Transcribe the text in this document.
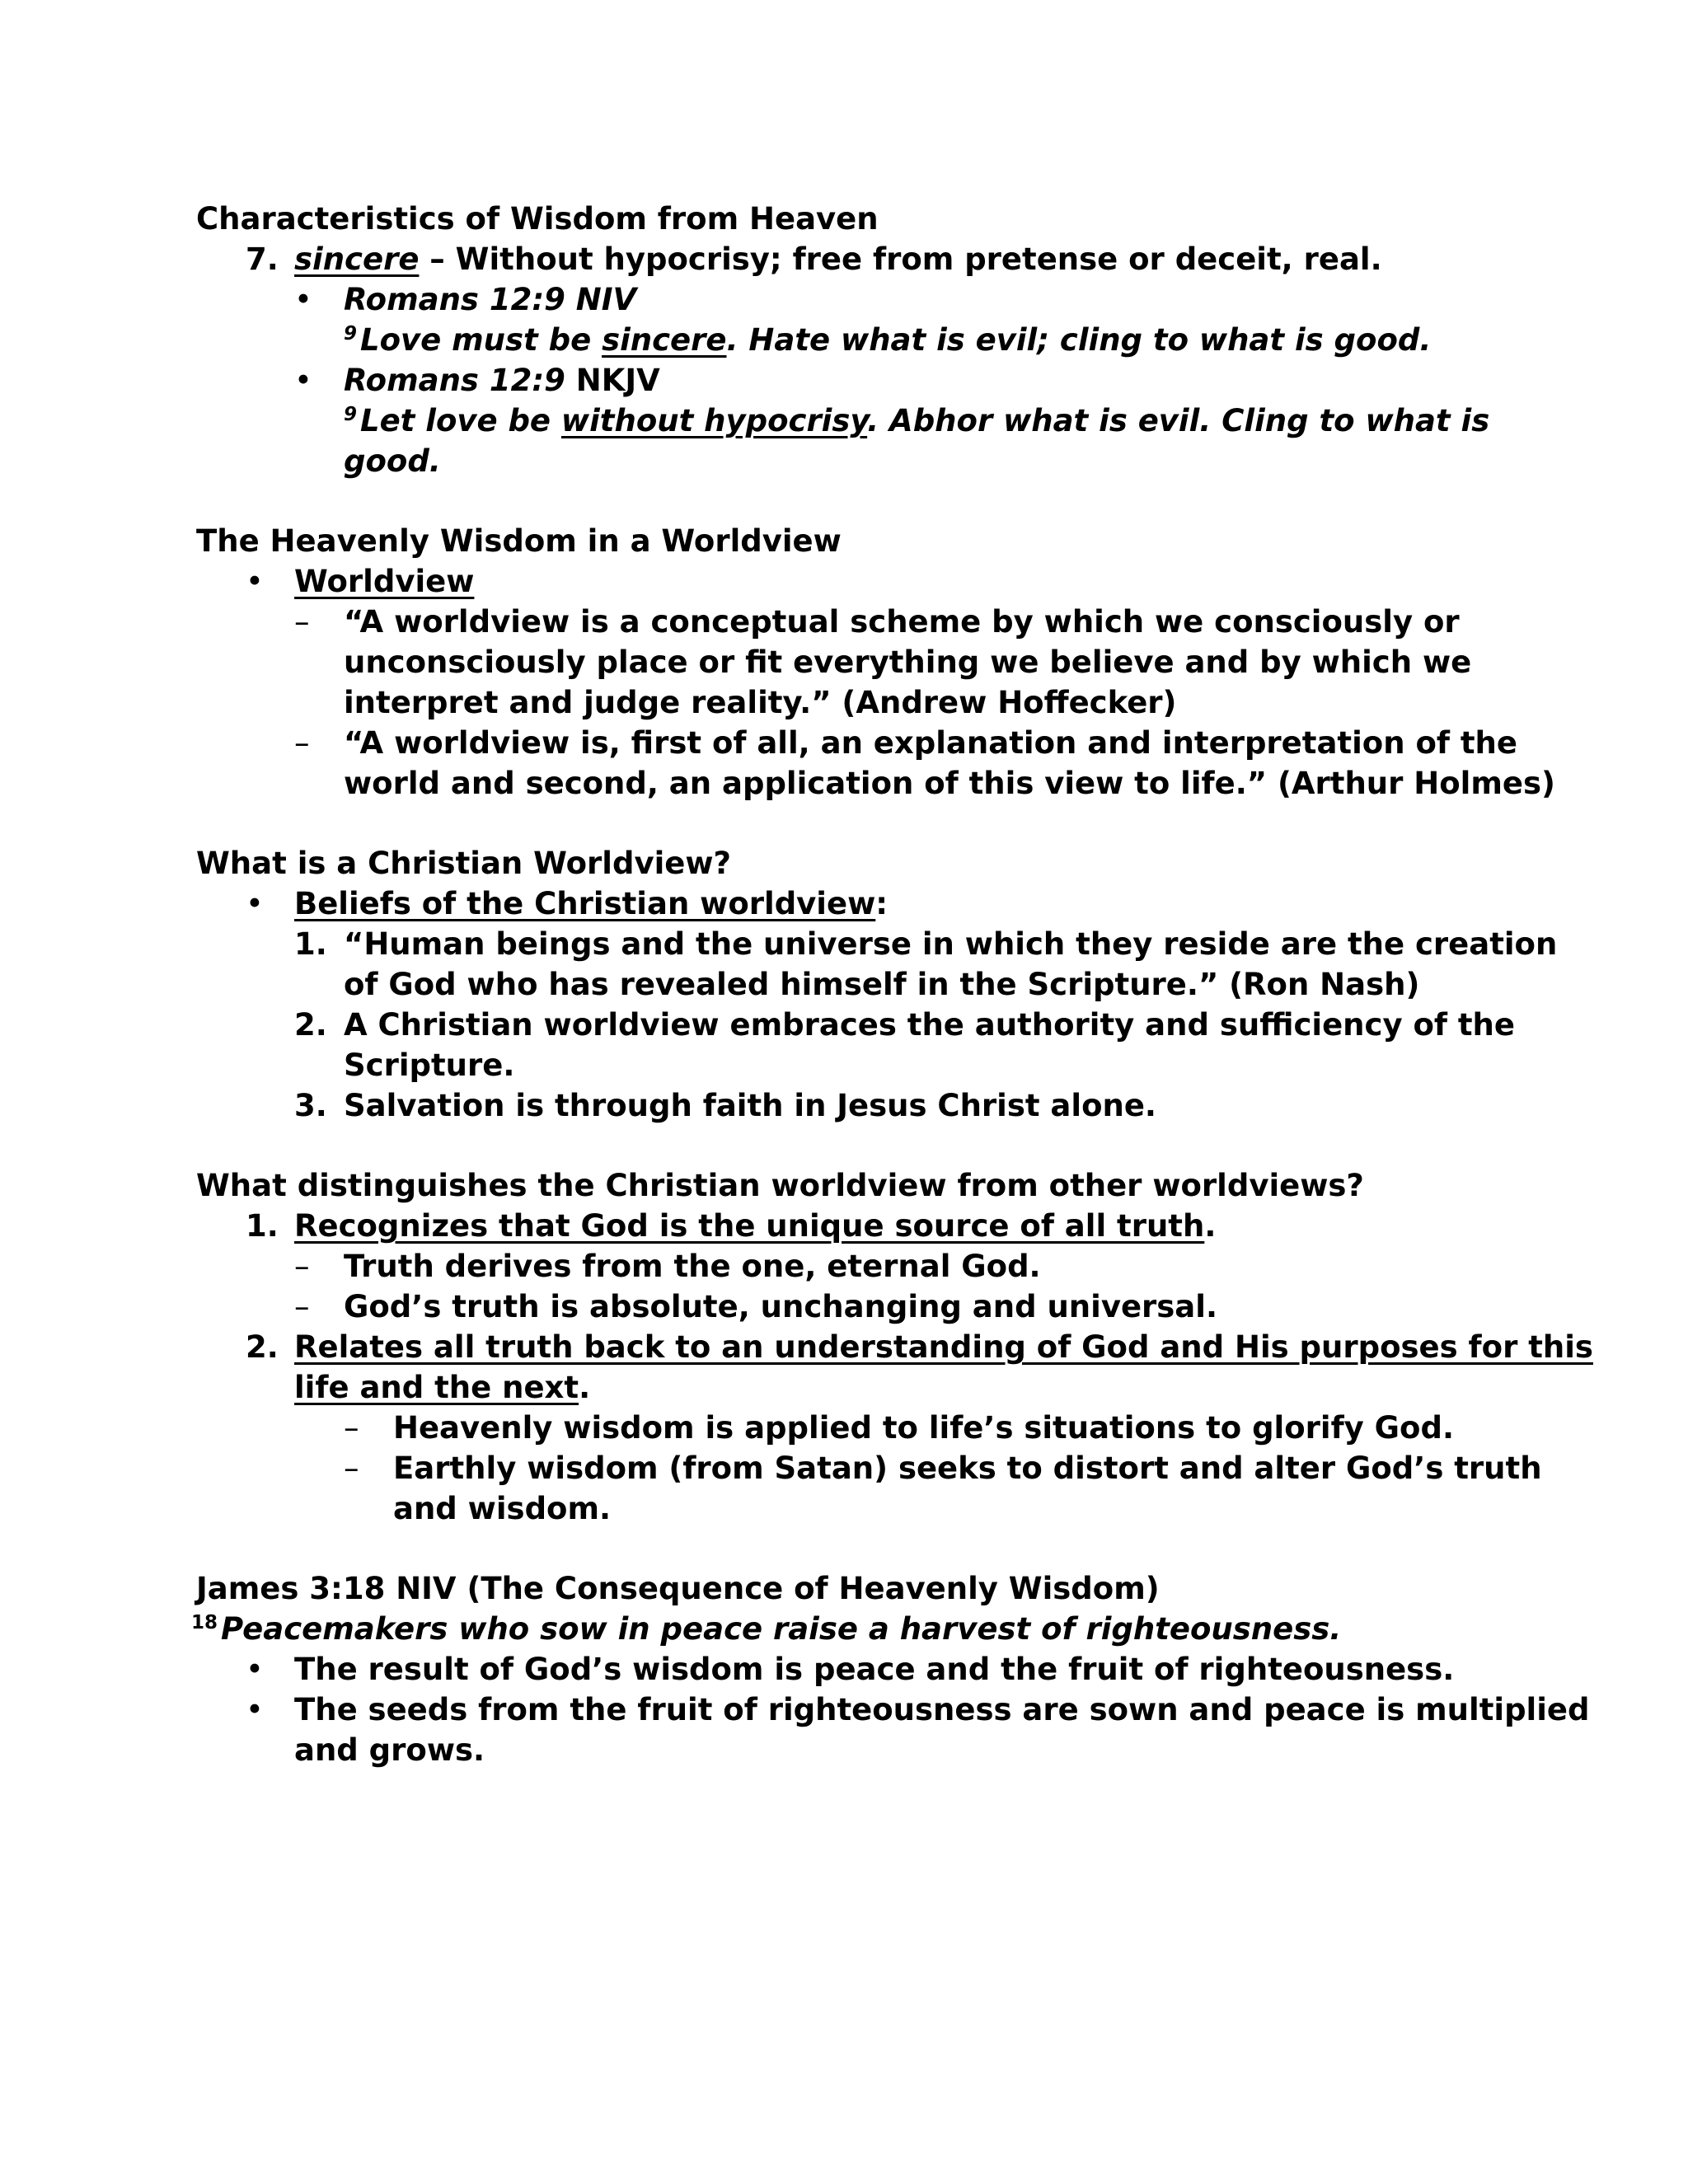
Characteristics of Wisdom from Heaven
7. sincere – Without hypocrisy; free from pretense or deceit, real.
• Romans 12:9 NIV
$^9$ Love must be sincere. Hate what is evil; cling to what is good.
• Romans 12:9 NKJV
$^9$ Let love be without hypocrisy. Abhor what is evil. Cling to what is
good.
The Heavenly Wisdom in a Worldview
• Worldview
– “A worldview is a conceptual scheme by which we consciously or
unconsciously place or fit everything we believe and by which we
interpret and judge reality.” (Andrew Hoffecker)
– “A worldview is, first of all, an explanation and interpretation of the
world and second, an application of this view to life.” (Arthur Holmes)
What is a Christian Worldview?
• Beliefs of the Christian worldview:
1. “Human beings and the universe in which they reside are the creation
of God who has revealed himself in the Scripture.” (Ron Nash)
2. A Christian worldview embraces the authority and sufficiency of the
Scripture.
3. Salvation is through faith in Jesus Christ alone.
What distinguishes the Christian worldview from other worldviews?
1. Recognizes that God is the unique source of all truth.
– Truth derives from the one, eternal God.
– God’s truth is absolute, unchanging and universal.
2. Relates all truth back to an understanding of God and His purposes for this
life and the next.
– Heavenly wisdom is applied to life’s situations to glorify God.
– Earthly wisdom (from Satan) seeks to distort and alter God’s truth
and wisdom.
James 3:18 NIV (The Consequence of Heavenly Wisdom)
$^{18}$ Peacemakers who sow in peace raise a harvest of righteousness.
• The result of God’s wisdom is peace and the fruit of righteousness.
• The seeds from the fruit of righteousness are sown and peace is multiplied
and grows.
